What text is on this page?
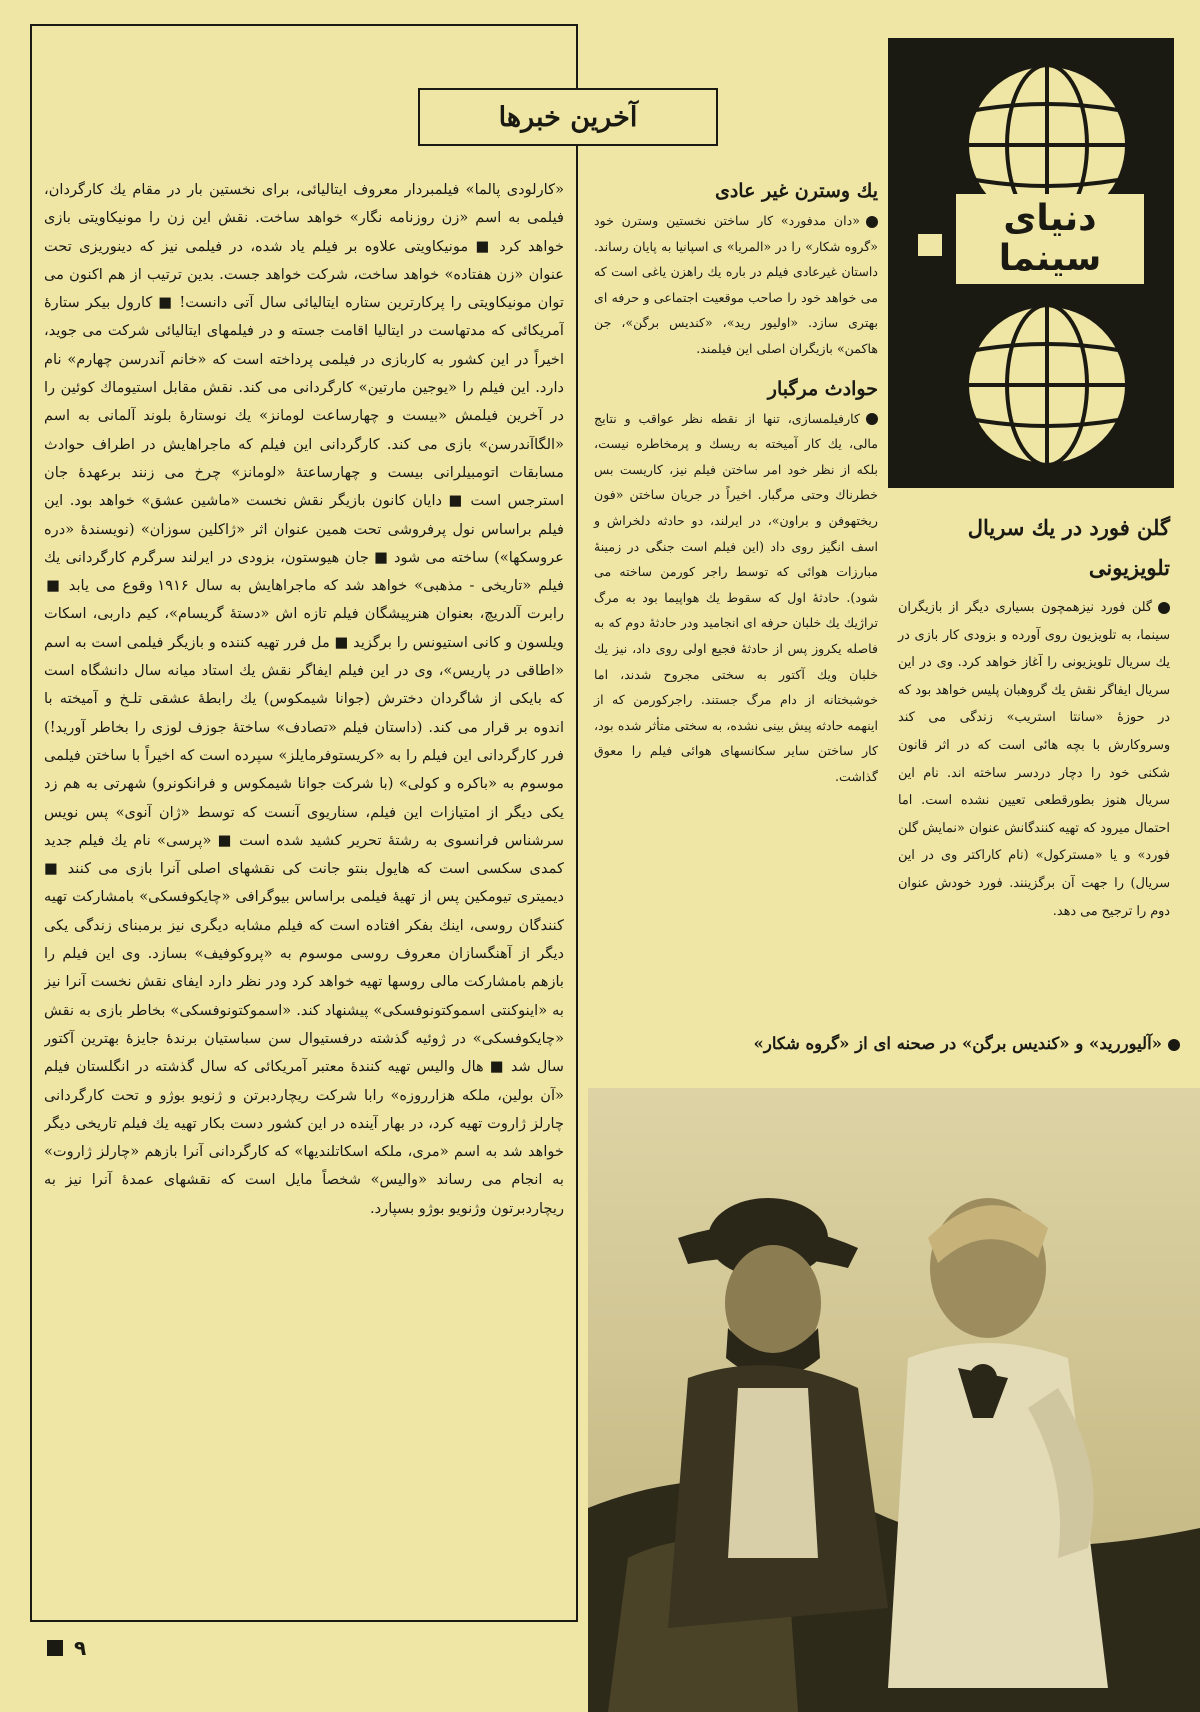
آخرین خبرها
«کارلودی پالما» فیلمبردار معروف ایتالیائی، برای نخستین بار در مقام یك کارگردان، فیلمی به اسم «زن روزنامه نگار» خواهد ساخت. نقش این زن را مونیکاویتی بازی خواهد کرد ■ مونیکاویتی علاوه بر فیلم یاد شده، در فیلمی نیز که دینوریزی تحت عنوان «زن هفتاده» خواهد ساخت، شرکت خواهد جست. بدین ترتیب از هم اکنون می توان مونیکاویتی را پرکارترین ستاره ایتالیائی سال آتی دانست! ■ کارول بیکر ستارهٔ آمریکائی که مدتهاست در ایتالیا اقامت جسته و در فیلمهای ایتالیائی شرکت می جوید، اخیراً در این کشور به کاربازی در فیلمی پرداخته است که «خانم آندرسن چهارم» نام دارد. این فیلم را «یوجین مارتین» کارگردانی می کند. نقش مقابل استیوماك کوئین را در آخرین فیلمش «بیست و چهارساعت لومانز» یك نوستارهٔ بلوند آلمانی به اسم «الگاآندرسن» بازی می کند. کارگردانی این فیلم که ماجراهایش در اطراف حوادث مسابقات اتومبیلرانی بیست و چهارساعتهٔ «لومانز» چرخ می زنند برعهدهٔ جان استرجس است ■ دایان کانون بازیگر نقش نخست «ماشین عشق» خواهد بود. این فیلم براساس نول پرفروشی تحت همین عنوان اثر «ژاکلین سوزان» (نویسندهٔ «دره عروسکها») ساخته می شود ■ جان هیوستون، بزودی در ایرلند سرگرم کارگردانی یك فیلم «تاریخی - مذهبی» خواهد شد که ماجراهایش به سال ۱۹۱۶ وقوع می یابد ■ رابرت آلدریچ، بعنوان هنرپیشگان فیلم تازه اش «دستهٔ گریسام»، کیم داربی، اسکات ویلسون و کانی استیونس را برگزید ■ مل فرر تهیه کننده و بازیگر فیلمی است به اسم «اطاقی در پاریس»، وی در این فیلم ایفاگر نقش یك استاد میانه سال دانشگاه است که بایکی از شاگردان دخترش (جوانا شیمکوس) یك رابطهٔ عشقی تلـخ و آمیخته با اندوه بر قرار می کند. (داستان فیلم «تصادف» ساختهٔ جوزف لوزی را بخاطر آورید!) فرر کارگردانی این فیلم را به «کریستوفرمایلز» سپرده است که اخیراً با ساختن فیلمی موسوم به «باکره و کولی» (با شرکت جوانا شیمکوس و فرانکونرو) شهرتی به هم زد یکی دیگر از امتیازات این فیلم، سناریوی آنست که توسط «ژان آنوی» پس نویس سرشناس فرانسوی به رشتهٔ تحریر کشید شده است ■ «پرسی» نام یك فیلم جدید کمدی سکسی است که هایول بنتو جانت کی نقشهای اصلی آنرا بازی می کنند ■ دیمیتری تیومکین پس از تهیهٔ فیلمی براساس بیوگرافی «چایکوفسکی» بامشارکت تهیه کنندگان روسی، اینك بفکر افتاده است که فیلم مشابه دیگری نیز برمبنای زندگی یکی دیگر از آهنگسازان معروف روسی موسوم به «پروکوفیف» بسازد. وی این فیلم را بازهم بامشارکت مالی روسها تهیه خواهد کرد ودر نظر دارد ایفای نقش نخست آنرا نیز به «اینوکنتی اسموکتونوفسکی» پیشنهاد کند. «اسموکتونوفسکی» بخاطر بازی به نقش «چایکوفسکی» در ژوئیه گذشته درفستیوال سن سباستیان برندهٔ جایزهٔ بهترین آکتور سال شد ■ هال والیس تهیه کنندهٔ معتبر آمریکائی که سال گذشته در انگلستان فیلم «آن بولین، ملکه هزارروزه» رابا شرکت ریچاردبرتن و ژنویو بوژو و تحت کارگردانی چارلز ژاروت تهیه کرد، در بهار آینده در این کشور دست بکار تهیه یك فیلم تاریخی دیگر خواهد شد به اسم «مری، ملکه اسکاتلندیها» که کارگردانی آنرا بازهم «چارلز ژاروت» به انجام می رساند «والیس» شخصاً مایل است که نقشهای عمدهٔ آنرا نیز به ریچاردبرتون وژنویو بوژو بسپارد.
یك وسترن غیر عادی

«دان مدفورد» کار ساختن نخستین وسترن خود «گروه شکار» را در «المریا» ی اسپانیا به پایان رساند. داستان غیرعادی فیلم در باره یك راهزن یاغی است که می خواهد خود را صاحب موقعیت اجتماعی و حرفه ای بهتری سازد. «اولیور رید»، «کندیس برگن»، جن هاکمن» بازیگران اصلی این فیلمند.

حوادث مرگبار

کارفیلمسازی، تنها از نقطه نظر عواقب و نتایج مالی، یك کار آمیخته به ریسك و پرمخاطره نیست، بلکه از نظر خود امر ساختن فیلم نیز، کاریست بس خطرناك وحتی مرگبار. اخیراً در جریان ساختن «فون ریختهوفن و براون»، در ایرلند، دو حادثه دلخراش و اسف انگیز روی داد (این فیلم است جنگی در زمینهٔ مبارزات هوائی که توسط راجر کورمن ساخته می شود). حادثهٔ اول که سقوط یك هواپیما بود به مرگ تراژیك یك خلبان حرفه ای انجامید ودر حادثهٔ دوم که به فاصله یکروز پس از حادثهٔ فجیع اولی روی داد، نیز یك خلبان ویك آکتور به سختی مجروح شدند، اما خوشبختانه از دام مرگ جستند. راجرکورمن که از اینهمه حادثه پیش بینی نشده، به سختی متأثر شده بود، کار ساختن سایر سکانسهای هوائی فیلم را معوق گذاشت.

دنیای
سینما
گلن فورد در یك سریال تلویزیونی

گلن فورد نیزهمچون بسیاری دیگر از بازیگران سینما، به تلویزیون روی آورده و بزودی کار بازی در یك سریال تلویزیونی را آغاز خواهد کرد. وی در این سریال ایفاگر نقش یك گروهبان پلیس خواهد بود که در حوزهٔ «سانتا استریب» زندگی می کند وسروکارش با بچه هائی است که در اثر قانون شکنی خود را دچار دردسر ساخته اند. نام این سریال هنوز بطورقطعی تعیین نشده است. اما احتمال میرود که تهیه کنندگانش عنوان «نمایش گلن فورد» و یا «مسترکول» (نام کاراکتر وی در این سریال) را جهت آن برگزینند. فورد خودش عنوان دوم را ترجیح می دهد.

«آلیوررید» و «کندیس برگن» در صحنه ای از «گروه شکار»
۹
